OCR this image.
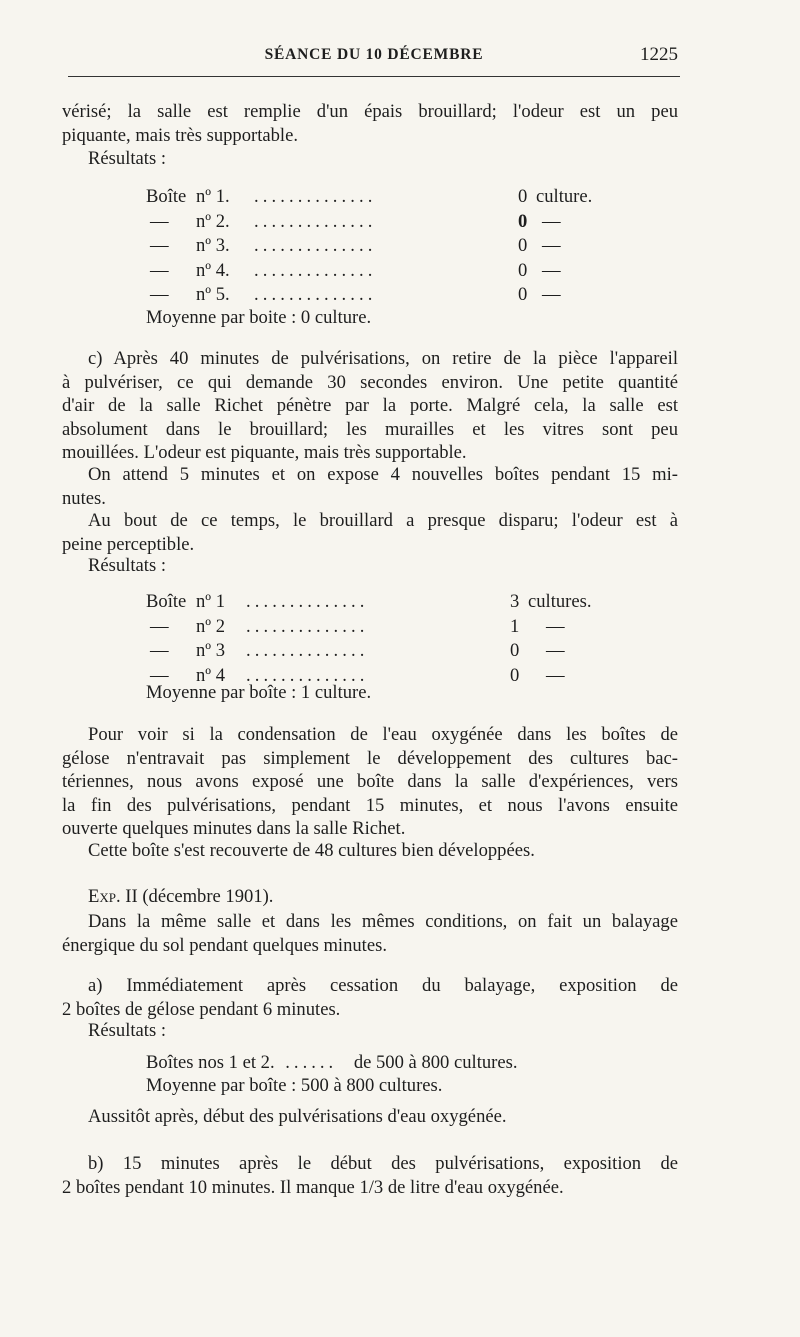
SÉANCE DU 10 DÉCEMBRE	1225

vérisé; la salle est remplie d'un épais brouillard; l'odeur est un peu

piquante, mais très supportable.

Résultats :
Boîte nº 1. ..............	0 culture.
— nº 2. ..............	0 —
— nº 3. ..............	0 —
— nº 4. ..............	0 —
— nº 5. ..............	0 —
Moyenne par boite : 0 culture.

c) Après 40 minutes de pulvérisations, on retire de la pièce l'appareil

à pulvériser, ce qui demande 30 secondes environ. Une petite quantité

d'air de la salle Richet pénètre par la porte. Malgré cela, la salle est

absolument dans le brouillard; les murailles et les vitres sont peu

mouillées. L'odeur est piquante, mais très supportable.

On attend 5 minutes et on expose 4 nouvelles boîtes pendant 15 mi-

nutes.

Au bout de ce temps, le brouillard a presque disparu; l'odeur est à

peine perceptible.

Résultats :
Boîte nº 1 ..............	3 cultures.
— nº 2 ..............	1 —
— nº 3 ..............	0 —
— nº 4 ..............	0 —
Moyenne par boîte : 1 culture.

Pour voir si la condensation de l'eau oxygénée dans les boîtes de

gélose n'entravait pas simplement le développement des cultures bac-

tériennes, nous avons exposé une boîte dans la salle d'expériences, vers

la fin des pulvérisations, pendant 15 minutes, et nous l'avons ensuite

ouverte quelques minutes dans la salle Richet.

Cette boîte s'est recouverte de 48 cultures bien développées.
Exp. II (décembre 1901).

Dans la même salle et dans les mêmes conditions, on fait un balayage

énergique du sol pendant quelques minutes.

a) Immédiatement après cessation du balayage, exposition de

2 boîtes de gélose pendant 6 minutes.

Résultats :
Boîtes nos 1 et 2. ...... de 500 à 800 cultures.
Moyenne par boîte : 500 à 800 cultures.
Aussitôt après, début des pulvérisations d'eau oxygénée.

b) 15 minutes après le début des pulvérisations, exposition de

2 boîtes pendant 10 minutes. Il manque 1/3 de litre d'eau oxygénée.
